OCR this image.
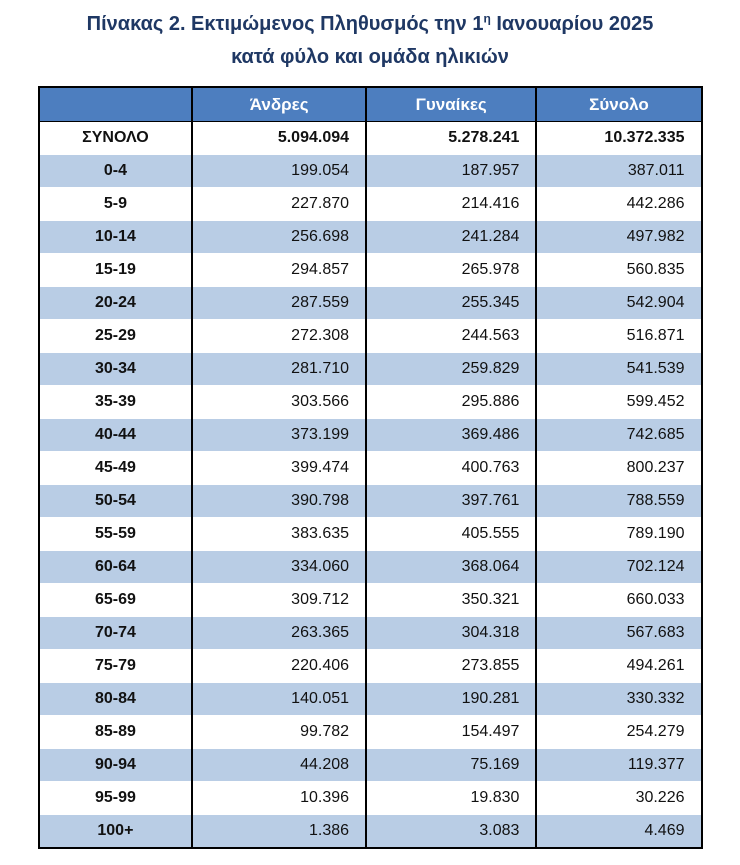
Πίνακας 2. Εκτιμώμενος Πληθυσμός την $1^\eta$ Ιανουαρίου 2025
κατά φύλο και ομάδα ηλικιών
	Άνδρες	Γυναίκες	Σύνολο
ΣΥΝΟΛΟ	5.094.094	5.278.241	10.372.335
0-4	199.054	187.957	387.011
5-9	227.870	214.416	442.286
10-14	256.698	241.284	497.982
15-19	294.857	265.978	560.835
20-24	287.559	255.345	542.904
25-29	272.308	244.563	516.871
30-34	281.710	259.829	541.539
35-39	303.566	295.886	599.452
40-44	373.199	369.486	742.685
45-49	399.474	400.763	800.237
50-54	390.798	397.761	788.559
55-59	383.635	405.555	789.190
60-64	334.060	368.064	702.124
65-69	309.712	350.321	660.033
70-74	263.365	304.318	567.683
75-79	220.406	273.855	494.261
80-84	140.051	190.281	330.332
85-89	99.782	154.497	254.279
90-94	44.208	75.169	119.377
95-99	10.396	19.830	30.226
100+	1.386	3.083	4.469
